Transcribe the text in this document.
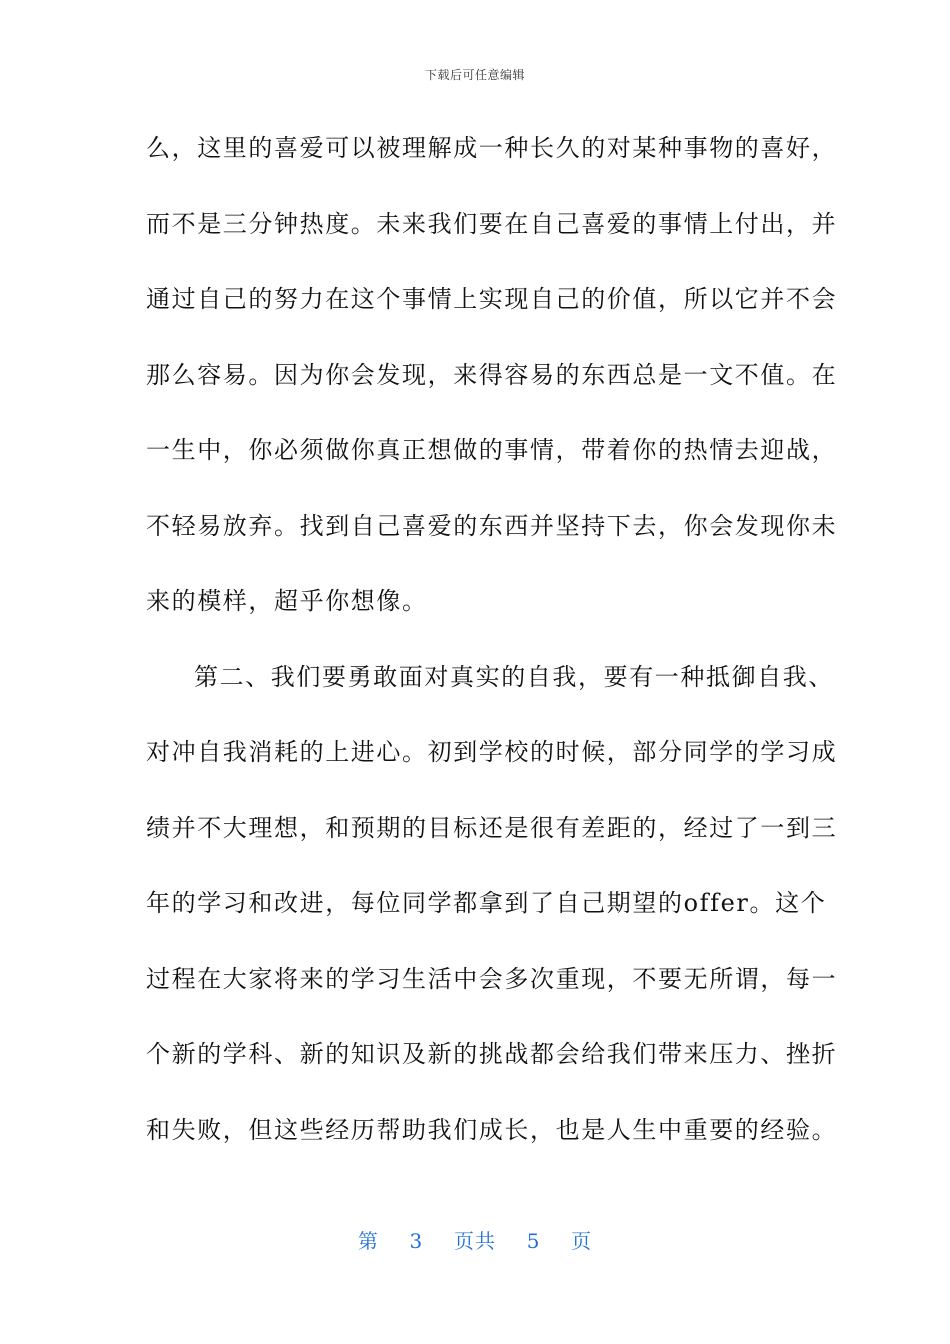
下载后可任意编辑
么，这里的喜爱可以被理解成一种长久的对某种事物的喜好，
而不是三分钟热度。未来我们要在自己喜爱的事情上付出，并
通过自己的努力在这个事情上实现自己的价值，所以它并不会
那么容易。因为你会发现，来得容易的东西总是一文不值。在
一生中，你必须做你真正想做的事情，带着你的热情去迎战，
不轻易放弃。找到自己喜爱的东西并坚持下去，你会发现你未
来的模样，超乎你想像。
第二、我们要勇敢面对真实的自我，要有一种抵御自我、
对冲自我消耗的上进心。初到学校的时候，部分同学的学习成
绩并不大理想，和预期的目标还是很有差距的，经过了一到三
年的学习和改进，每位同学都拿到了自己期望的offer。这个
过程在大家将来的学习生活中会多次重现，不要无所谓，每一
个新的学科、新的知识及新的挑战都会给我们带来压力、挫折
和失败，但这些经历帮助我们成长，也是人生中重要的经验。
第 3 页共 5 页
